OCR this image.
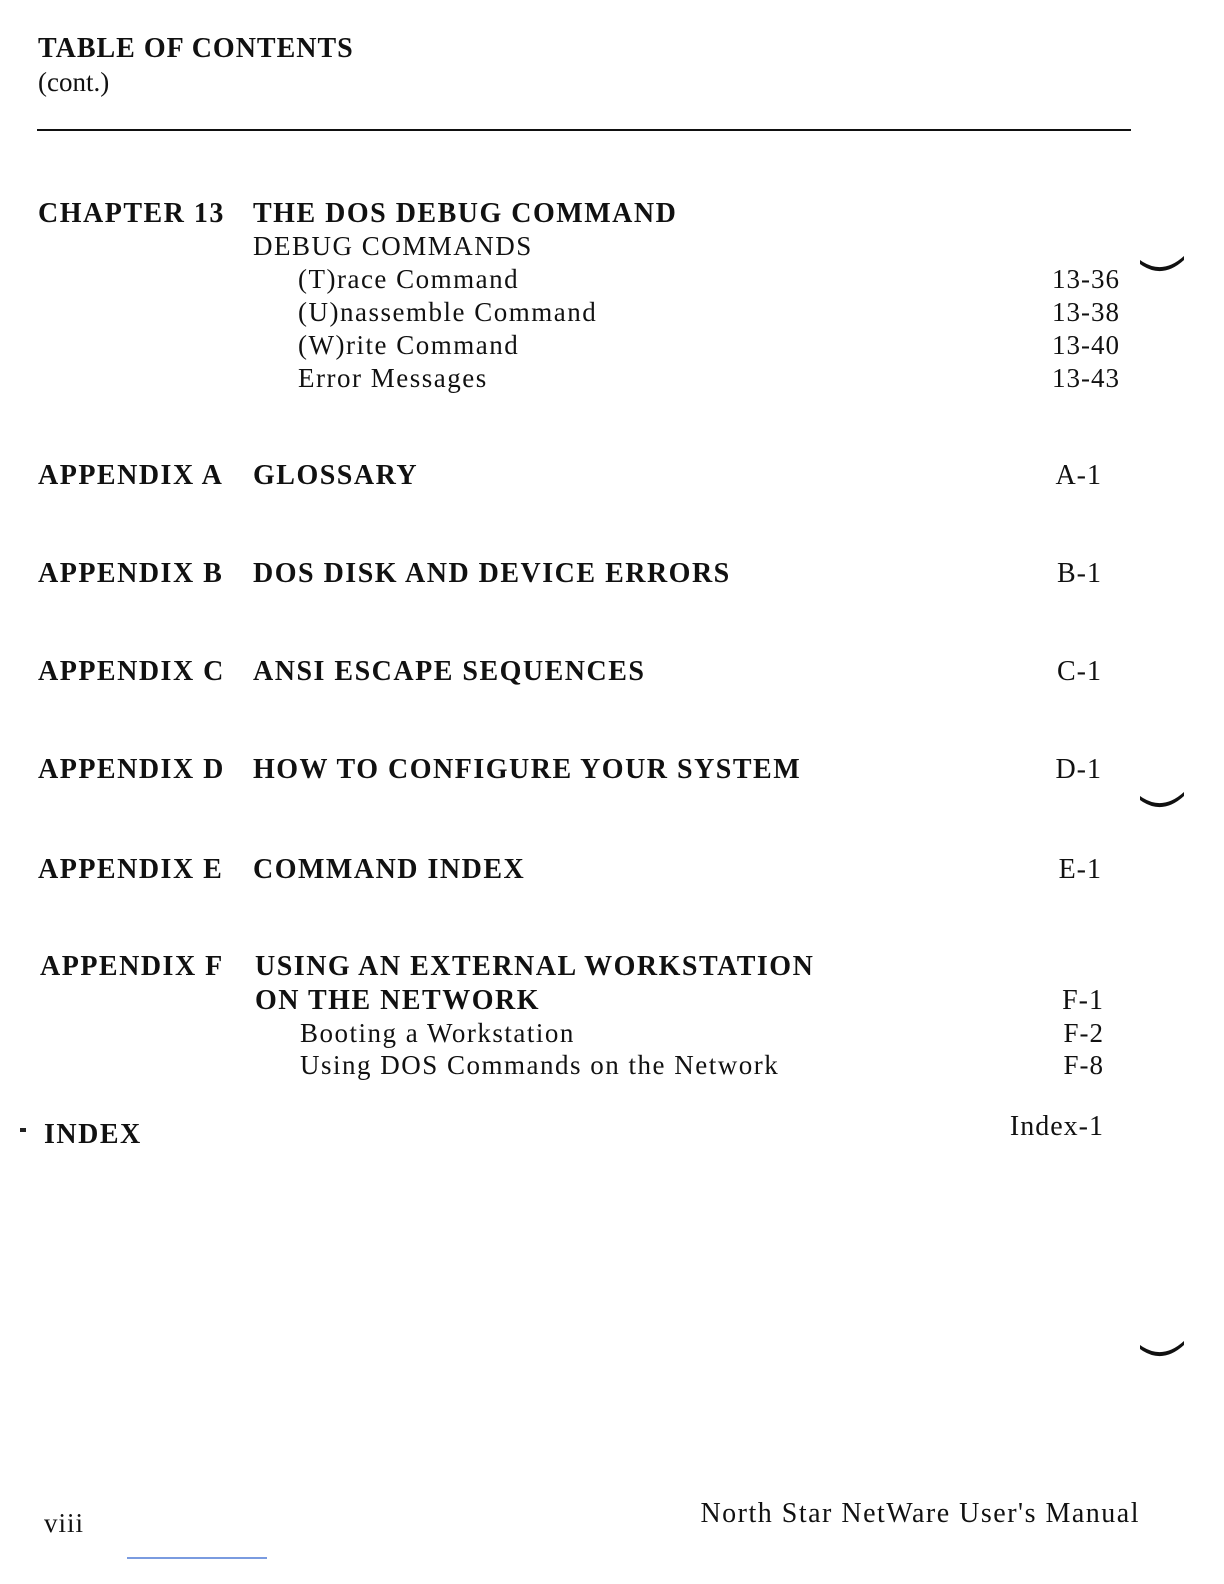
TABLE OF CONTENTS
(cont.)
CHAPTER 13 THE DOS DEBUG COMMAND
DEBUG COMMANDS
(T)race Command	13-36
(U)nassemble Command	13-38
(W)rite Command	13-40
Error Messages	13-43
APPENDIX A GLOSSARY	A-1
APPENDIX B DOS DISK AND DEVICE ERRORS	B-1
APPENDIX C ANSI ESCAPE SEQUENCES	C-1
APPENDIX D HOW TO CONFIGURE YOUR SYSTEM	D-1
APPENDIX E COMMAND INDEX	E-1
APPENDIX F USING AN EXTERNAL WORKSTATION
ON THE NETWORK	F-1
Booting a Workstation	F-2
Using DOS Commands on the Network	F-8
INDEX	Index-1
viii	North Star NetWare User's Manual
